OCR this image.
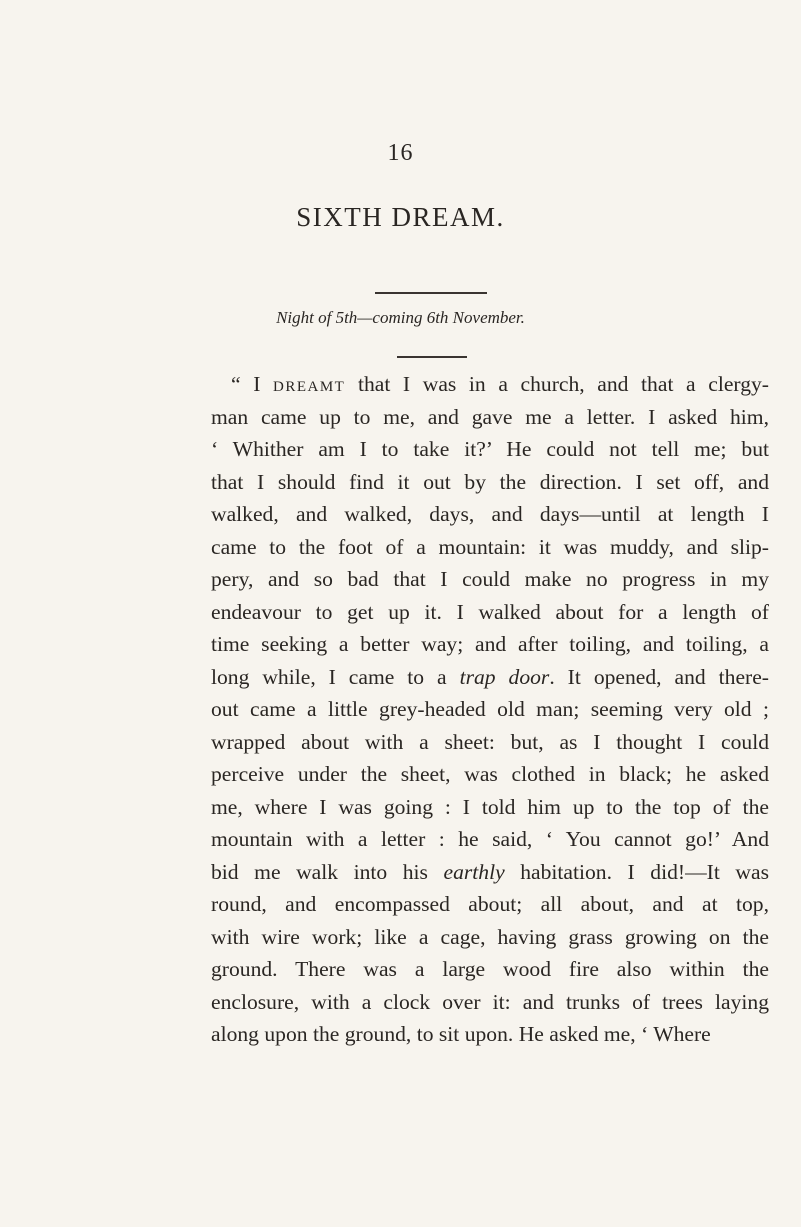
16
SIXTH DREAM.
Night of 5th—coming 6th November.
“ I dreamt that I was in a church, and that a clergy-
man came up to me, and gave me a letter. I asked him,
‘ Whither am I to take it?’ He could not tell me; but
that I should find it out by the direction. I set off, and
walked, and walked, days, and days—until at length I
came to the foot of a mountain: it was muddy, and slip-
pery, and so bad that I could make no progress in my
endeavour to get up it. I walked about for a length of
time seeking a better way; and after toiling, and toiling, a
long while, I came to a trap door. It opened, and there-
out came a little grey-headed old man; seeming very old ;
wrapped about with a sheet: but, as I thought I could
perceive under the sheet, was clothed in black; he asked
me, where I was going : I told him up to the top of the
mountain with a letter : he said, ‘ You cannot go!’ And
bid me walk into his earthly habitation. I did!—It was
round, and encompassed about; all about, and at top,
with wire work; like a cage, having grass growing on the
ground. There was a large wood fire also within the
enclosure, with a clock over it: and trunks of trees laying
along upon the ground, to sit upon. He asked me, ‘ Where
